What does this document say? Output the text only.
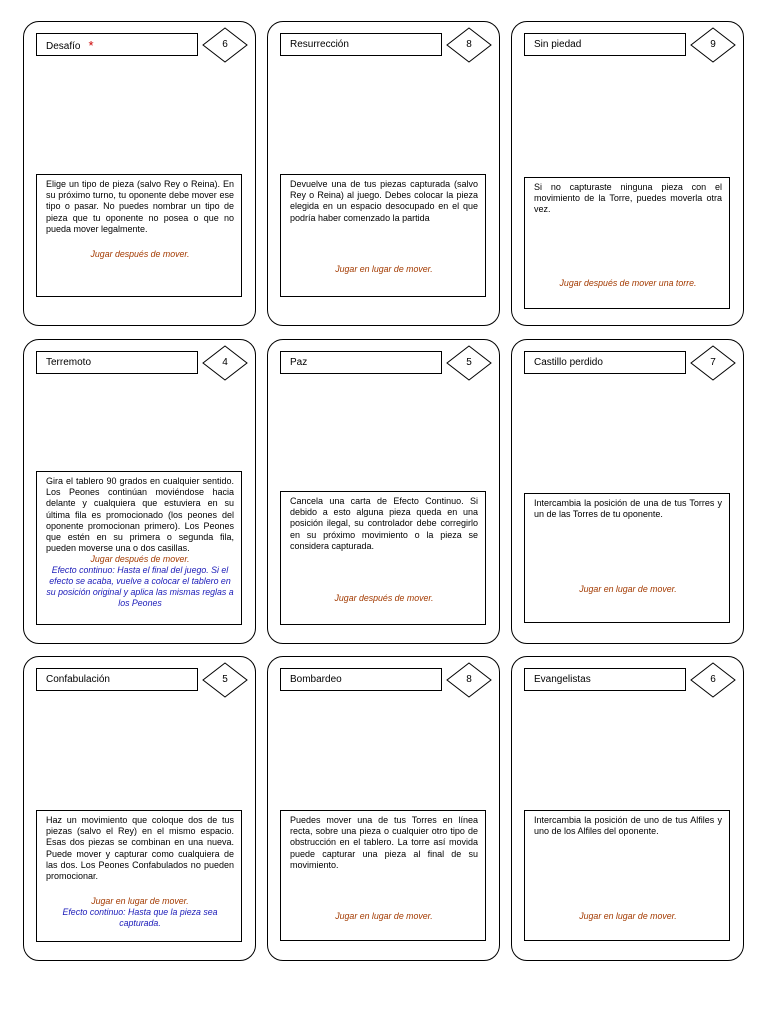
Desafío *	6

Elige un tipo de pieza (salvo Rey o Reina). En su próximo turno, tu oponente debe mover ese tipo o pasar. No puedes nombrar un tipo de pieza que tu oponente no posea o que no pueda mover legalmente.

Jugar después de mover.

Resurrección	8

Devuelve una de tus piezas capturada (salvo Rey o Reina) al juego. Debes colocar la pieza elegida en un espacio desocupado en el que podría haber comenzado la partida

Jugar en lugar de mover.

Sin piedad	9

Si no capturaste ninguna pieza con el movimiento de la Torre, puedes moverla otra vez.

Jugar después de mover una torre.

Terremoto	4

Gira el tablero 90 grados en cualquier sentido. Los Peones continúan moviéndose hacia delante y cualquiera que estuviera en su última fila es promocionado (los peones del oponente promocionan primero). Los Peones que estén en su primera o segunda fila, pueden moverse una o dos casillas.

Jugar después de mover.

Efecto continuo: Hasta el final del juego. Si el efecto se acaba, vuelve a colocar el tablero en su posición original y aplica las mismas reglas a los Peones

Paz	5

Cancela una carta de Efecto Continuo. Si debido a esto alguna pieza queda en una posición ilegal, su controlador debe corregirlo en su próximo movimiento o la pieza se considera capturada.

Jugar después de mover.

Castillo perdido	7

Intercambia la posición de una de tus Torres y un de las Torres de tu oponente.

Jugar en lugar de mover.

Confabulación	5

Haz un movimiento que coloque dos de tus piezas (salvo el Rey) en el mismo espacio. Esas dos piezas se combinan en una nueva. Puede mover y capturar como cualquiera de las dos. Los Peones Confabulados no pueden promocionar.

Jugar en lugar de mover.

Efecto continuo: Hasta que la pieza sea capturada.

Bombardeo	8

Puedes mover una de tus Torres en línea recta, sobre una pieza o cualquier otro tipo de obstrucción en el tablero. La torre así movida puede capturar una pieza al final de su movimiento.

Jugar en lugar de mover.

Evangelistas	6

Intercambia la posición de uno de tus Alfiles y uno de los Alfiles del oponente.

Jugar en lugar de mover.
